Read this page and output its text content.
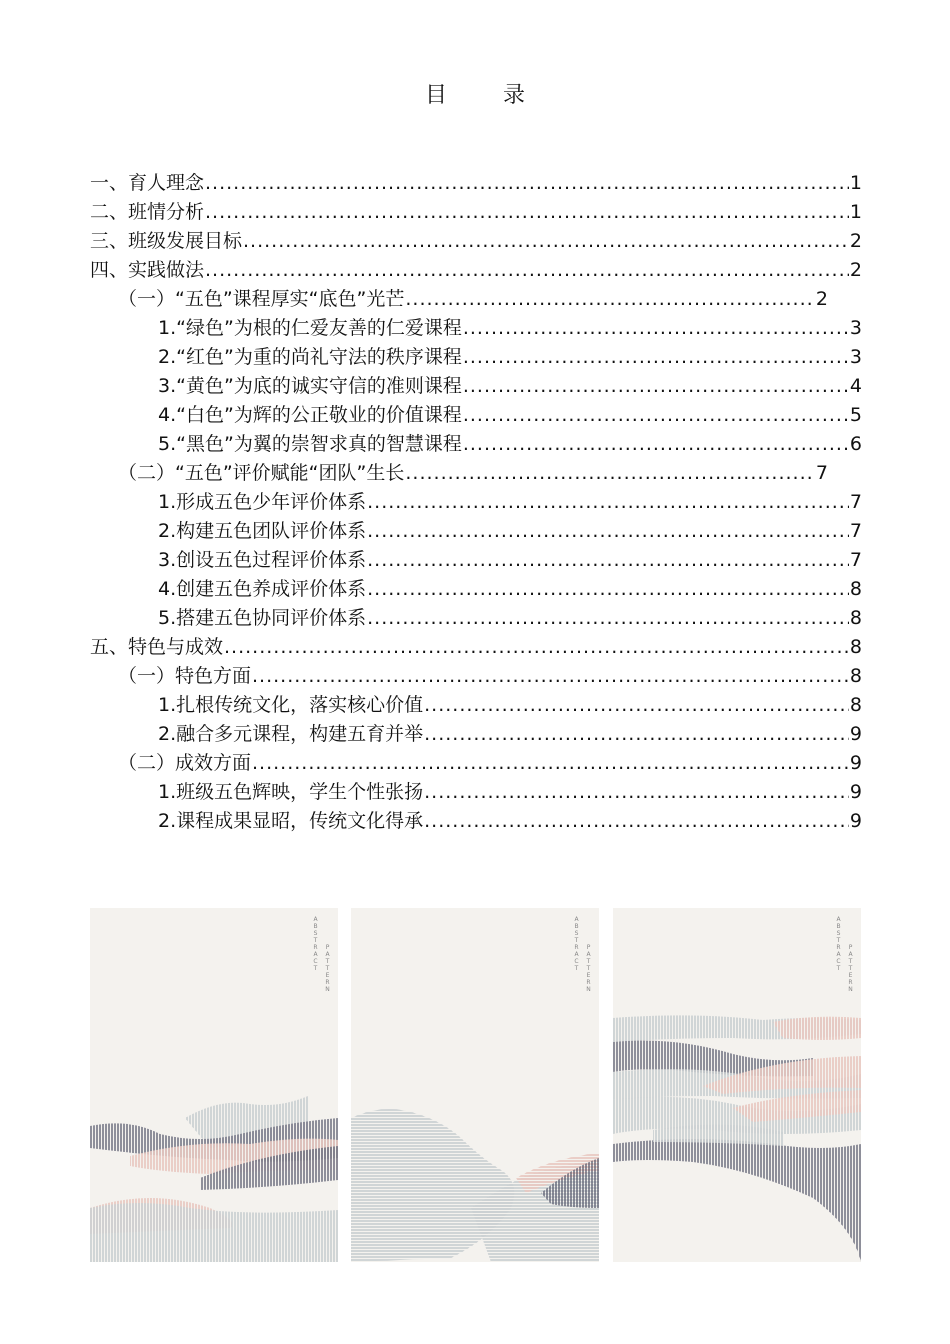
目	录
一、育人理念 .....	1
二、班情分析 .....	1
三、班级发展目标 .....	2
四、实践做法 .....	2
（一）“五色”课程厚实“底色”光芒 .....	2
1.“绿色”为根的仁爱友善的仁爱课程 .....	3
2.“红色”为重的尚礼守法的秩序课程 .....	3
3.“黄色”为底的诚实守信的准则课程 .....	4
4.“白色”为辉的公正敬业的价值课程 .....	5
5.“黑色”为翼的崇智求真的智慧课程 .....	6
（二）“五色”评价赋能“团队”生长 .....	7
1.形成五色少年评价体系 .....	7
2.构建五色团队评价体系 .....	7
3.创设五色过程评价体系 .....	7
4.创建五色养成评价体系 .....	8
5.搭建五色协同评价体系 .....	8
五、特色与成效 .....	8
（一）特色方面 .....	8
1.扎根传统文化，落实核心价值 .....	8
2.融合多元课程，构建五育并举 .....	9
（二）成效方面 .....	9
1.班级五色辉映，学生个性张扬 .....	9
2.课程成果显昭，传统文化得承 .....	9
ABSTRACT PATTERN	ABSTRACT PATTERN	ABSTRACT PATTERN
